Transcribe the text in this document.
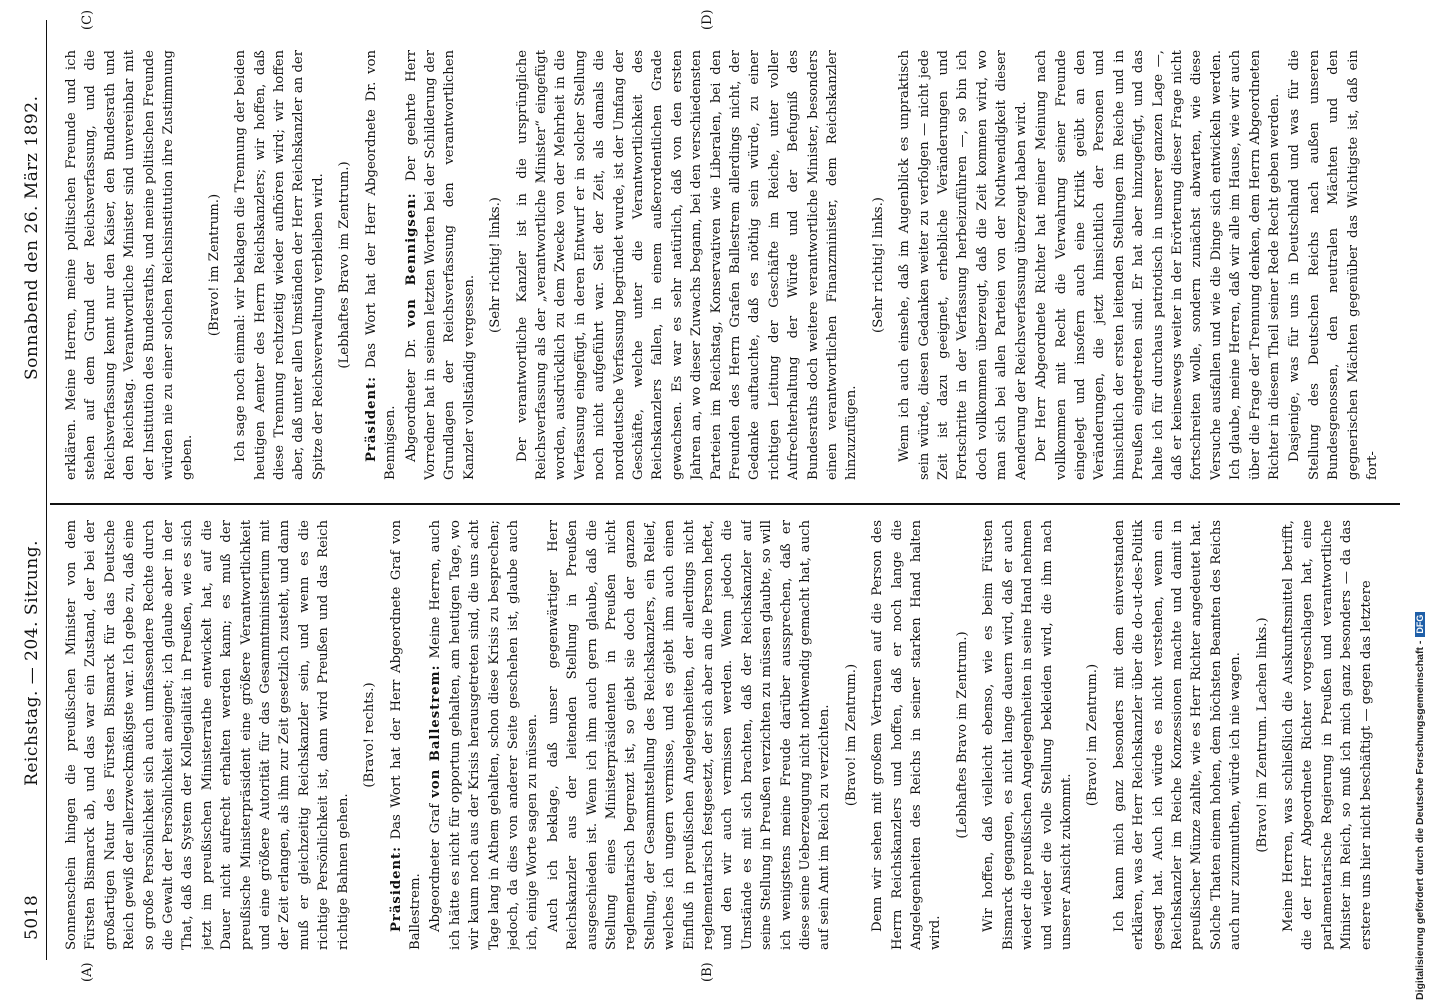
5018
Reichstag. — 204. Sitzung.
Sonnabend den 26. März 1892.
(A)	(B)
(C)	(D)

Sonnenschein hingen die preußischen Minister von dem Fürsten Bismarck ab, und das war ein Zustand, der bei der großartigen Natur des Fürsten Bismarck für das Deutsche Reich gewiß der allerzweckmäßigste war. Ich gebe zu, daß eine so große Persönlichkeit sich auch umfassendere Rechte durch die Gewalt der Persönlichkeit aneignet; ich glaube aber in der That, daß das System der Kollegialität in Preußen, wie es sich jetzt im preußischen Ministerrathe entwickelt hat, auf die Dauer nicht aufrecht erhalten werden kann; es muß der preußische Ministerpräsident eine größere Verantwortlichkeit und eine größere Autorität für das Gesammtministerium mit der Zeit erlangen, als ihm zur Zeit gesetzlich zusteht, und dann muß er gleichzeitig Reichskanzler sein, und wenn es die richtige Persönlichkeit ist, dann wird Preußen und das Reich richtige Bahnen gehen.

(Bravo! rechts.)

Präsident: Das Wort hat der Herr Abgeordnete Graf von Ballestrem. Abgeordneter Graf von Ballestrem: Meine Herren, auch ich hätte es nicht für opportun gehalten, am heutigen Tage, wo wir kaum noch aus der Krisis herausgetreten sind, die uns acht Tage lang in Athem gehalten, schon diese Krisis zu besprechen; jedoch, da dies von anderer Seite geschehen ist, glaube auch ich, einige Worte sagen zu müssen. Auch ich beklage, daß unser gegenwärtiger Herr Reichskanzler aus der leitenden Stellung in Preußen ausgeschieden ist. Wenn ich ihm auch gern glaube, daß die Stellung eines Ministerpräsidenten in Preußen nicht reglementarisch begrenzt ist, so giebt sie doch der ganzen Stellung, der Gesammtstellung des Reichskanzlers, ein Relief, welches ich ungern vermisse, und es giebt ihm auch einen Einfluß in preußischen Angelegenheiten, der allerdings nicht reglementarisch festgesetzt, der sich aber an die Person heftet, und den wir auch vermissen werden. Wenn jedoch die Umstände es mit sich brachten, daß der Reichskanzler auf seine Stellung in Preußen verzichten zu müssen glaubte, so will ich wenigstens meine Freude darüber aussprechen, daß er diese seine Ueberzeugung nicht nothwendig gemacht hat, auch auf sein Amt im Reich zu verzichten. (Bravo! im Zentrum.) Denn wir sehen mit großem Vertrauen auf die Person des Herrn Reichskanzlers und hoffen, daß er noch lange die Angelegenheiten des Reichs in seiner starken Hand halten wird.

(Lebhaftes Bravo im Zentrum.) Wir hoffen, daß vielleicht ebenso, wie es beim Fürsten Bismarck gegangen, es nicht lange dauern wird, daß er auch wieder die preußischen Angelegenheiten in seine Hand nehmen und wieder die volle Stellung bekleiden wird, die ihm nach unserer Ansicht zukommt.

(Bravo! im Zentrum.) Ich kann mich ganz besonders mit dem einverstanden erklären, was der Herr Reichskanzler über die do-ut-des-Politik gesagt hat. Auch ich würde es nicht verstehen, wenn ein Reichskanzler im Reiche Konzessionen machte und damit in preußischer Münze zahlte, wie es Herr Richter angedeutet hat. Solche Thaten einem hohen, dem höchsten Beamten des Reichs auch nur zuzumuthen, würde ich nie wagen. (Bravo! im Zentrum. Lachen links.) Meine Herren, was schließlich die Auskunftsmittel betrifft, die der Herr Abgeordnete Richter vorgeschlagen hat, eine parlamentarische Regierung in Preußen und verantwortliche Minister im Reich, so muß ich mich ganz besonders — da das erstere uns hier nicht beschäftigt — gegen das letztere

erklären. Meine Herren, meine politischen Freunde und ich stehen auf dem Grund der Reichsverfassung, und die Reichsverfassung kennt nur den Kaiser, den Bundesrath und den Reichstag. Verantwortliche Minister sind unvereinbar mit der Institution des Bundesraths, und meine politischen Freunde würden nie zu einer solchen Reichsinstitution ihre Zustimmung geben.

(Bravo! im Zentrum.) Ich sage noch einmal: wir beklagen die Trennung der beiden heutigen Aemter des Herrn Reichskanzlers; wir hoffen, daß diese Trennung rechtzeitig wieder aufhören wird; wir hoffen aber, daß unter allen Umständen der Herr Reichskanzler an der Spitze der Reichsverwaltung verbleiben wird. (Lebhaftes Bravo im Zentrum.)

Präsident: Das Wort hat der Herr Abgeordnete Dr. von Bennigsen. Abgeordneter Dr. von Bennigsen: Der geehrte Herr Vorredner hat in seinen letzten Worten bei der Schilderung der Grundlagen der Reichsverfassung den verantwortlichen Kanzler vollständig vergessen.

(Sehr richtig! links.) Der verantwortliche Kanzler ist in die ursprüngliche Reichsverfassung als der „verantwortliche Minister“ eingefügt worden, ausdrücklich zu dem Zwecke von der Mehrheit in die Verfassung eingefügt, in deren Entwurf er in solcher Stellung noch nicht aufgeführt war. Seit der Zeit, als damals die norddeutsche Verfassung begründet wurde, ist der Umfang der Geschäfte, welche unter die Verantwortlichkeit des Reichskanzlers fallen, in einem außerordentlichen Grade gewachsen. Es war es sehr natürlich, daß von den ersten Jahren an, wo dieser Zuwachs begann, bei den verschiedensten Parteien im Reichstag, Konservativen wie Liberalen, bei den Freunden des Herrn Grafen Ballestrem allerdings nicht, der Gedanke auftauchte, daß es nöthig sein würde, zu einer richtigen Leitung der Geschäfte im Reiche, unter voller Aufrechterhaltung der Würde und der Befugniß des Bundesraths doch weitere verantwortliche Minister, besonders einen verantwortlichen Finanzminister, dem Reichskanzler hinzuzufügen.

(Sehr richtig! links.) Wenn ich auch einsehe, daß im Augenblick es unpraktisch sein würde, diesen Gedanken weiter zu verfolgen — nicht jede Zeit ist dazu geeignet, erhebliche Veränderungen und Fortschritte in der Verfassung herbeizuführen —, so bin ich doch vollkommen überzeugt, daß die Zeit kommen wird, wo man sich bei allen Parteien von der Nothwendigkeit dieser Aenderung der Reichsverfassung überzeugt haben wird. Der Herr Abgeordnete Richter hat meiner Meinung nach vollkommen mit Recht die Verwahrung seiner Freunde eingelegt und insofern auch eine Kritik geübt an den Veränderungen, die jetzt hinsichtlich der Personen und hinsichtlich der ersten leitenden Stellungen im Reiche und in Preußen eingetreten sind. Er hat aber hinzugefügt, und das halte ich für durchaus patriotisch in unserer ganzen Lage —, daß er keineswegs weiter in der Erörterung dieser Frage nicht fortschreiten wolle, sondern zunächst abwarten, wie diese Versuche ausfallen und wie die Dinge sich entwickeln werden. Ich glaube, meine Herren, daß wir alle im Hause, wie wir auch über die Frage der Trennung denken, dem Herrn Abgeordneten Richter in diesem Theil seiner Rede Recht geben werden. Dasjenige, was für uns in Deutschland und was für die Stellung des Deutschen Reichs nach außen unseren Bundesgenossen, den neutralen Mächten und den gegnerischen Mächten gegenüber das Wichtigste ist, daß ein fort-

Digitalisierung gefördert durch die Deutsche Forschungsgemeinschaft -DFG
